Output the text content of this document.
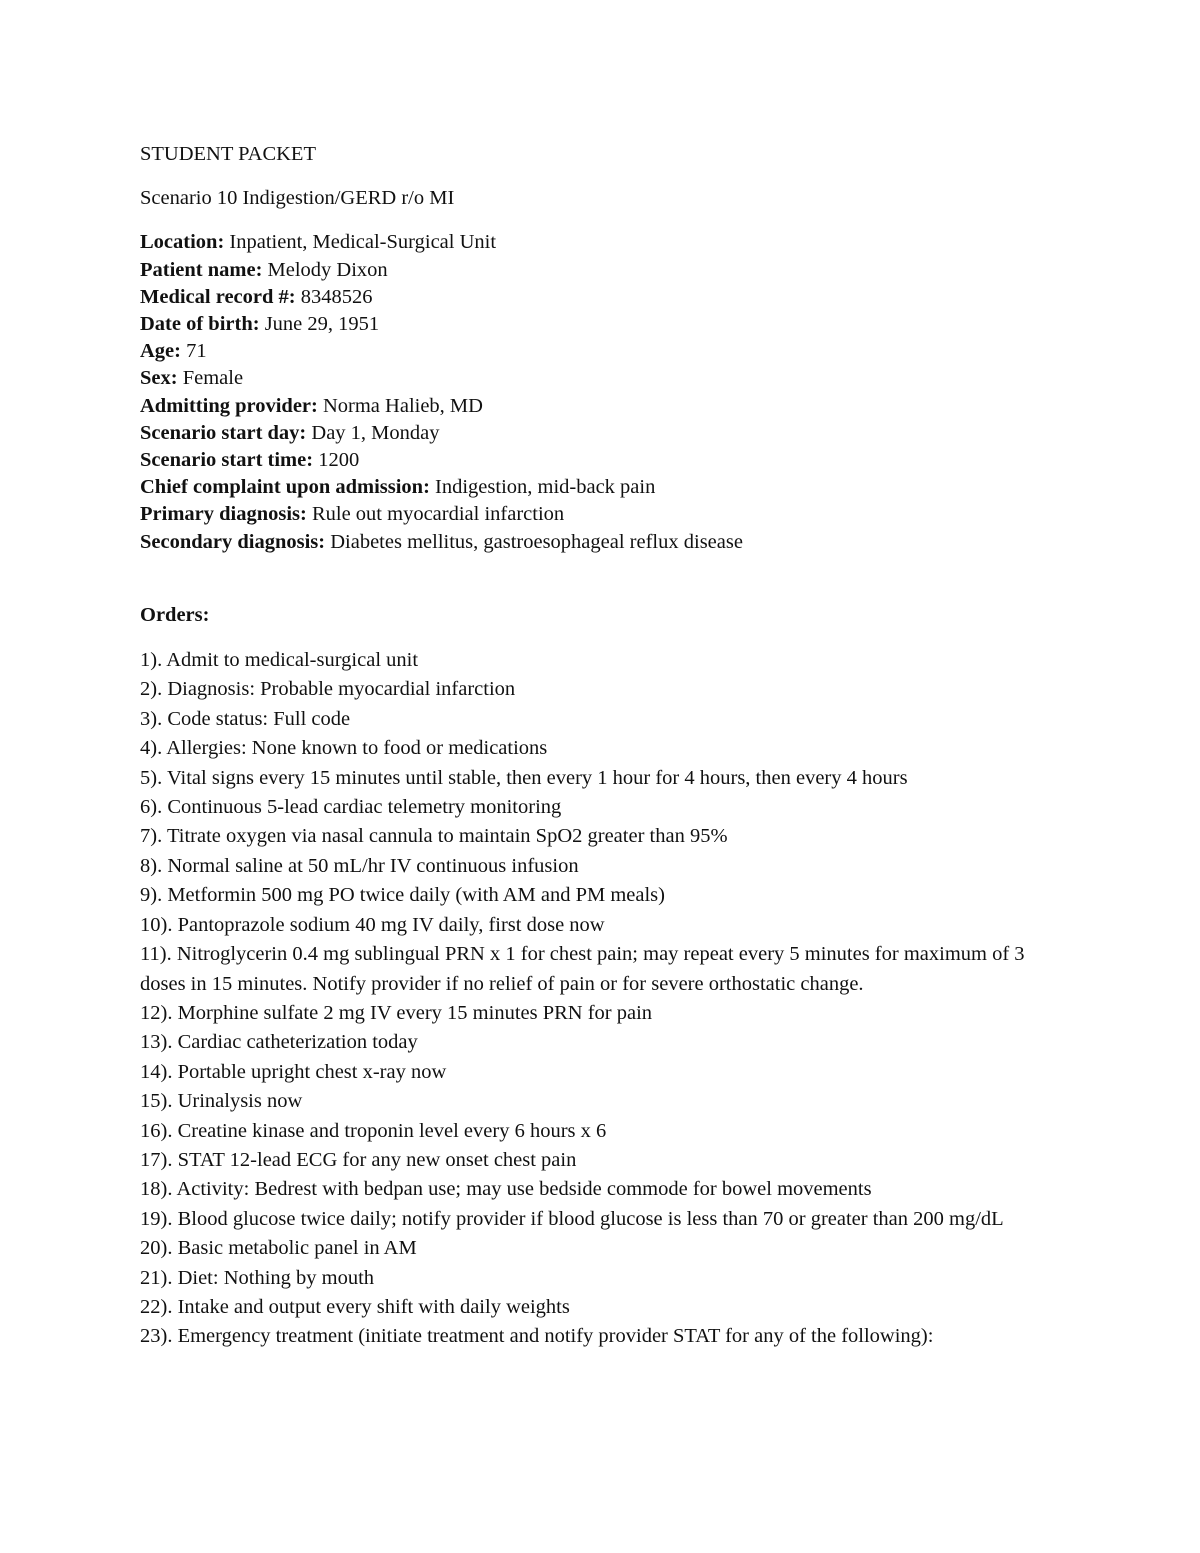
STUDENT PACKET

Scenario 10 Indigestion/GERD r/o MI

Location: Inpatient, Medical-Surgical Unit

Patient name: Melody Dixon

Medical record #: 8348526

Date of birth: June 29, 1951

Age: 71

Sex: Female

Admitting provider: Norma Halieb, MD

Scenario start day: Day 1, Monday

Scenario start time: 1200

Chief complaint upon admission: Indigestion, mid-back pain

Primary diagnosis: Rule out myocardial infarction

Secondary diagnosis: Diabetes mellitus, gastroesophageal reflux disease

Orders:

1). Admit to medical-surgical unit
2). Diagnosis: Probable myocardial infarction
3). Code status: Full code
4). Allergies: None known to food or medications
5). Vital signs every 15 minutes until stable, then every 1 hour for 4 hours, then every 4 hours
6). Continuous 5-lead cardiac telemetry monitoring
7). Titrate oxygen via nasal cannula to maintain SpO2 greater than 95%
8). Normal saline at 50 mL/hr IV continuous infusion
9). Metformin 500 mg PO twice daily (with AM and PM meals)
10). Pantoprazole sodium 40 mg IV daily, first dose now
11). Nitroglycerin 0.4 mg sublingual PRN x 1 for chest pain; may repeat every 5 minutes for maximum of 3 doses in 15 minutes. Notify provider if no relief of pain or for severe orthostatic change.
12). Morphine sulfate 2 mg IV every 15 minutes PRN for pain
13). Cardiac catheterization today
14). Portable upright chest x-ray now
15). Urinalysis now
16). Creatine kinase and troponin level every 6 hours x 6
17). STAT 12-lead ECG for any new onset chest pain
18). Activity: Bedrest with bedpan use; may use bedside commode for bowel movements
19). Blood glucose twice daily; notify provider if blood glucose is less than 70 or greater than 200 mg/dL
20). Basic metabolic panel in AM
21). Diet: Nothing by mouth
22). Intake and output every shift with daily weights
23). Emergency treatment (initiate treatment and notify provider STAT for any of the following):
